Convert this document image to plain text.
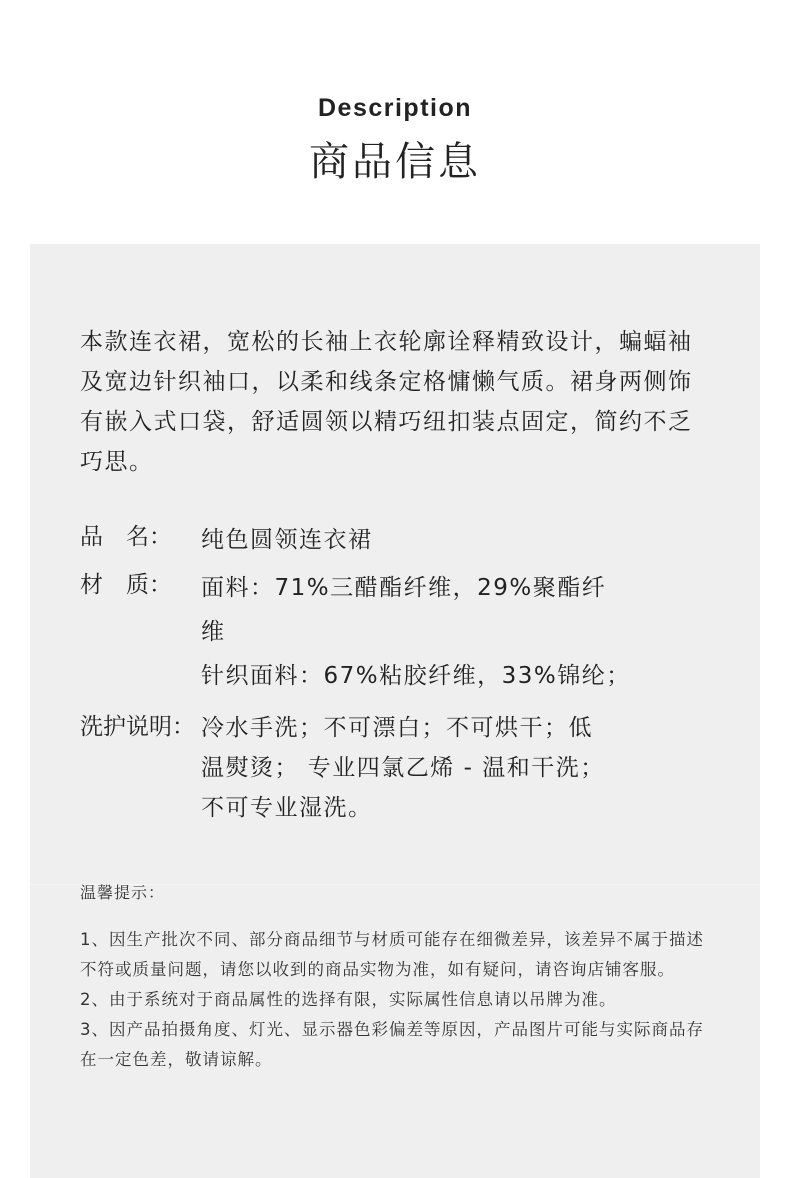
Description
商品信息
本款连衣裙，宽松的长袖上衣轮廓诠释精致设计，蝙蝠袖及宽边针织袖口，以柔和线条定格慵懒气质。裙身两侧饰有嵌入式口袋，舒适圆领以精巧纽扣装点固定，简约不乏巧思。
品　名：	纯色圆领连衣裙
材　质：	面料：71%三醋酯纤维，29%聚酯纤
维
针织面料：67%粘胶纤维，33%锦纶；
洗护说明： 冷水手洗；不可漂白；不可烘干；低
温熨烫； 专业四氯乙烯 - 温和干洗；
不可专业湿洗。
温馨提示：

1、因生产批次不同、部分商品细节与材质可能存在细微差异，该差异不属于描述不符或质量问题，请您以收到的商品实物为准，如有疑问，请咨询店铺客服。

2、由于系统对于商品属性的选择有限，实际属性信息请以吊牌为准。

3、因产品拍摄角度、灯光、显示器色彩偏差等原因，产品图片可能与实际商品存在一定色差，敬请谅解。
